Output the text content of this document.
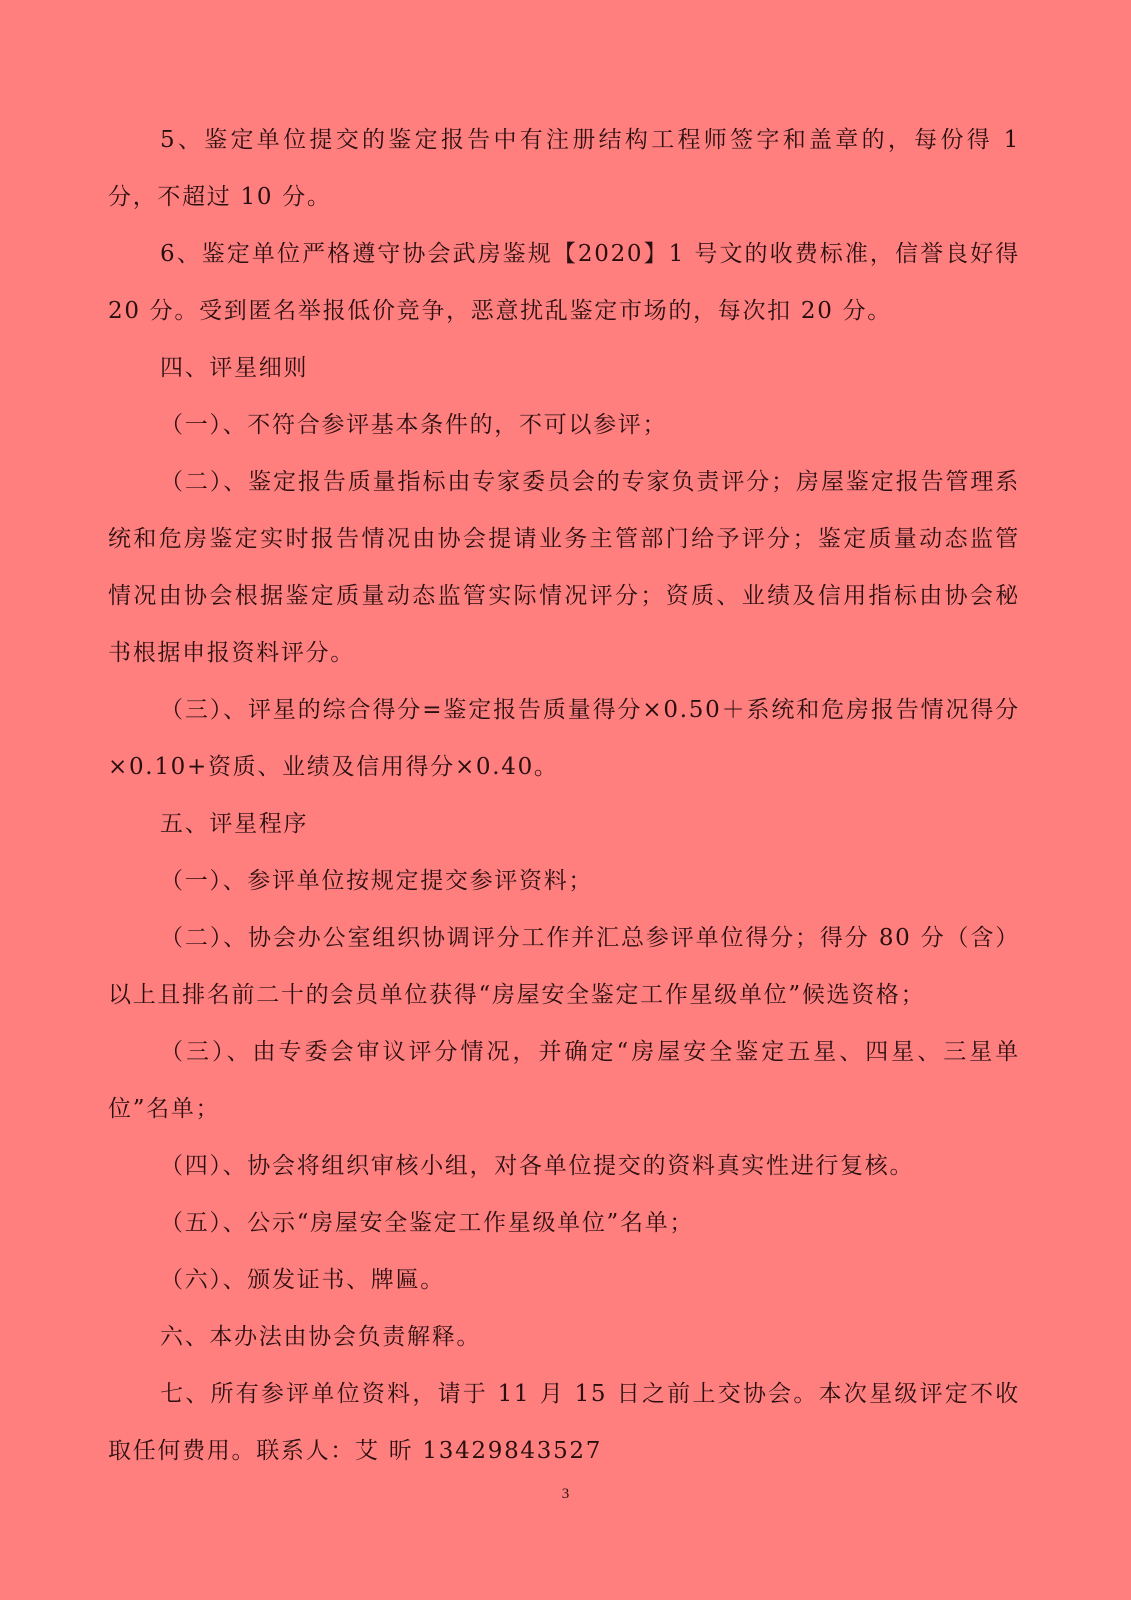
5、鉴定单位提交的鉴定报告中有注册结构工程师签字和盖章的，每份得 1 分，不超过 10 分。

6、鉴定单位严格遵守协会武房鉴规【2020】1 号文的收费标准，信誉良好得 20 分。受到匿名举报低价竞争，恶意扰乱鉴定市场的，每次扣 20 分。

四、评星细则

（一）、不符合参评基本条件的，不可以参评；

（二）、鉴定报告质量指标由专家委员会的专家负责评分；房屋鉴定报告管理系统和危房鉴定实时报告情况由协会提请业务主管部门给予评分；鉴定质量动态监管情况由协会根据鉴定质量动态监管实际情况评分；资质、业绩及信用指标由协会秘书根据申报资料评分。

（三）、评星的综合得分=鉴定报告质量得分×0.50＋系统和危房报告情况得分×0.10+资质、业绩及信用得分×0.40。

五、评星程序

（一）、参评单位按规定提交参评资料；

（二）、协会办公室组织协调评分工作并汇总参评单位得分；得分 80 分（含）以上且排名前二十的会员单位获得“房屋安全鉴定工作星级单位”候选资格；

（三）、由专委会审议评分情况，并确定“房屋安全鉴定五星、四星、三星单位”名单；

（四）、协会将组织审核小组，对各单位提交的资料真实性进行复核。

（五）、公示“房屋安全鉴定工作星级单位”名单；

（六）、颁发证书、牌匾。

六、本办法由协会负责解释。

七、所有参评单位资料，请于 11 月 15 日之前上交协会。本次星级评定不收取任何费用。联系人：艾 昕 13429843527

3
